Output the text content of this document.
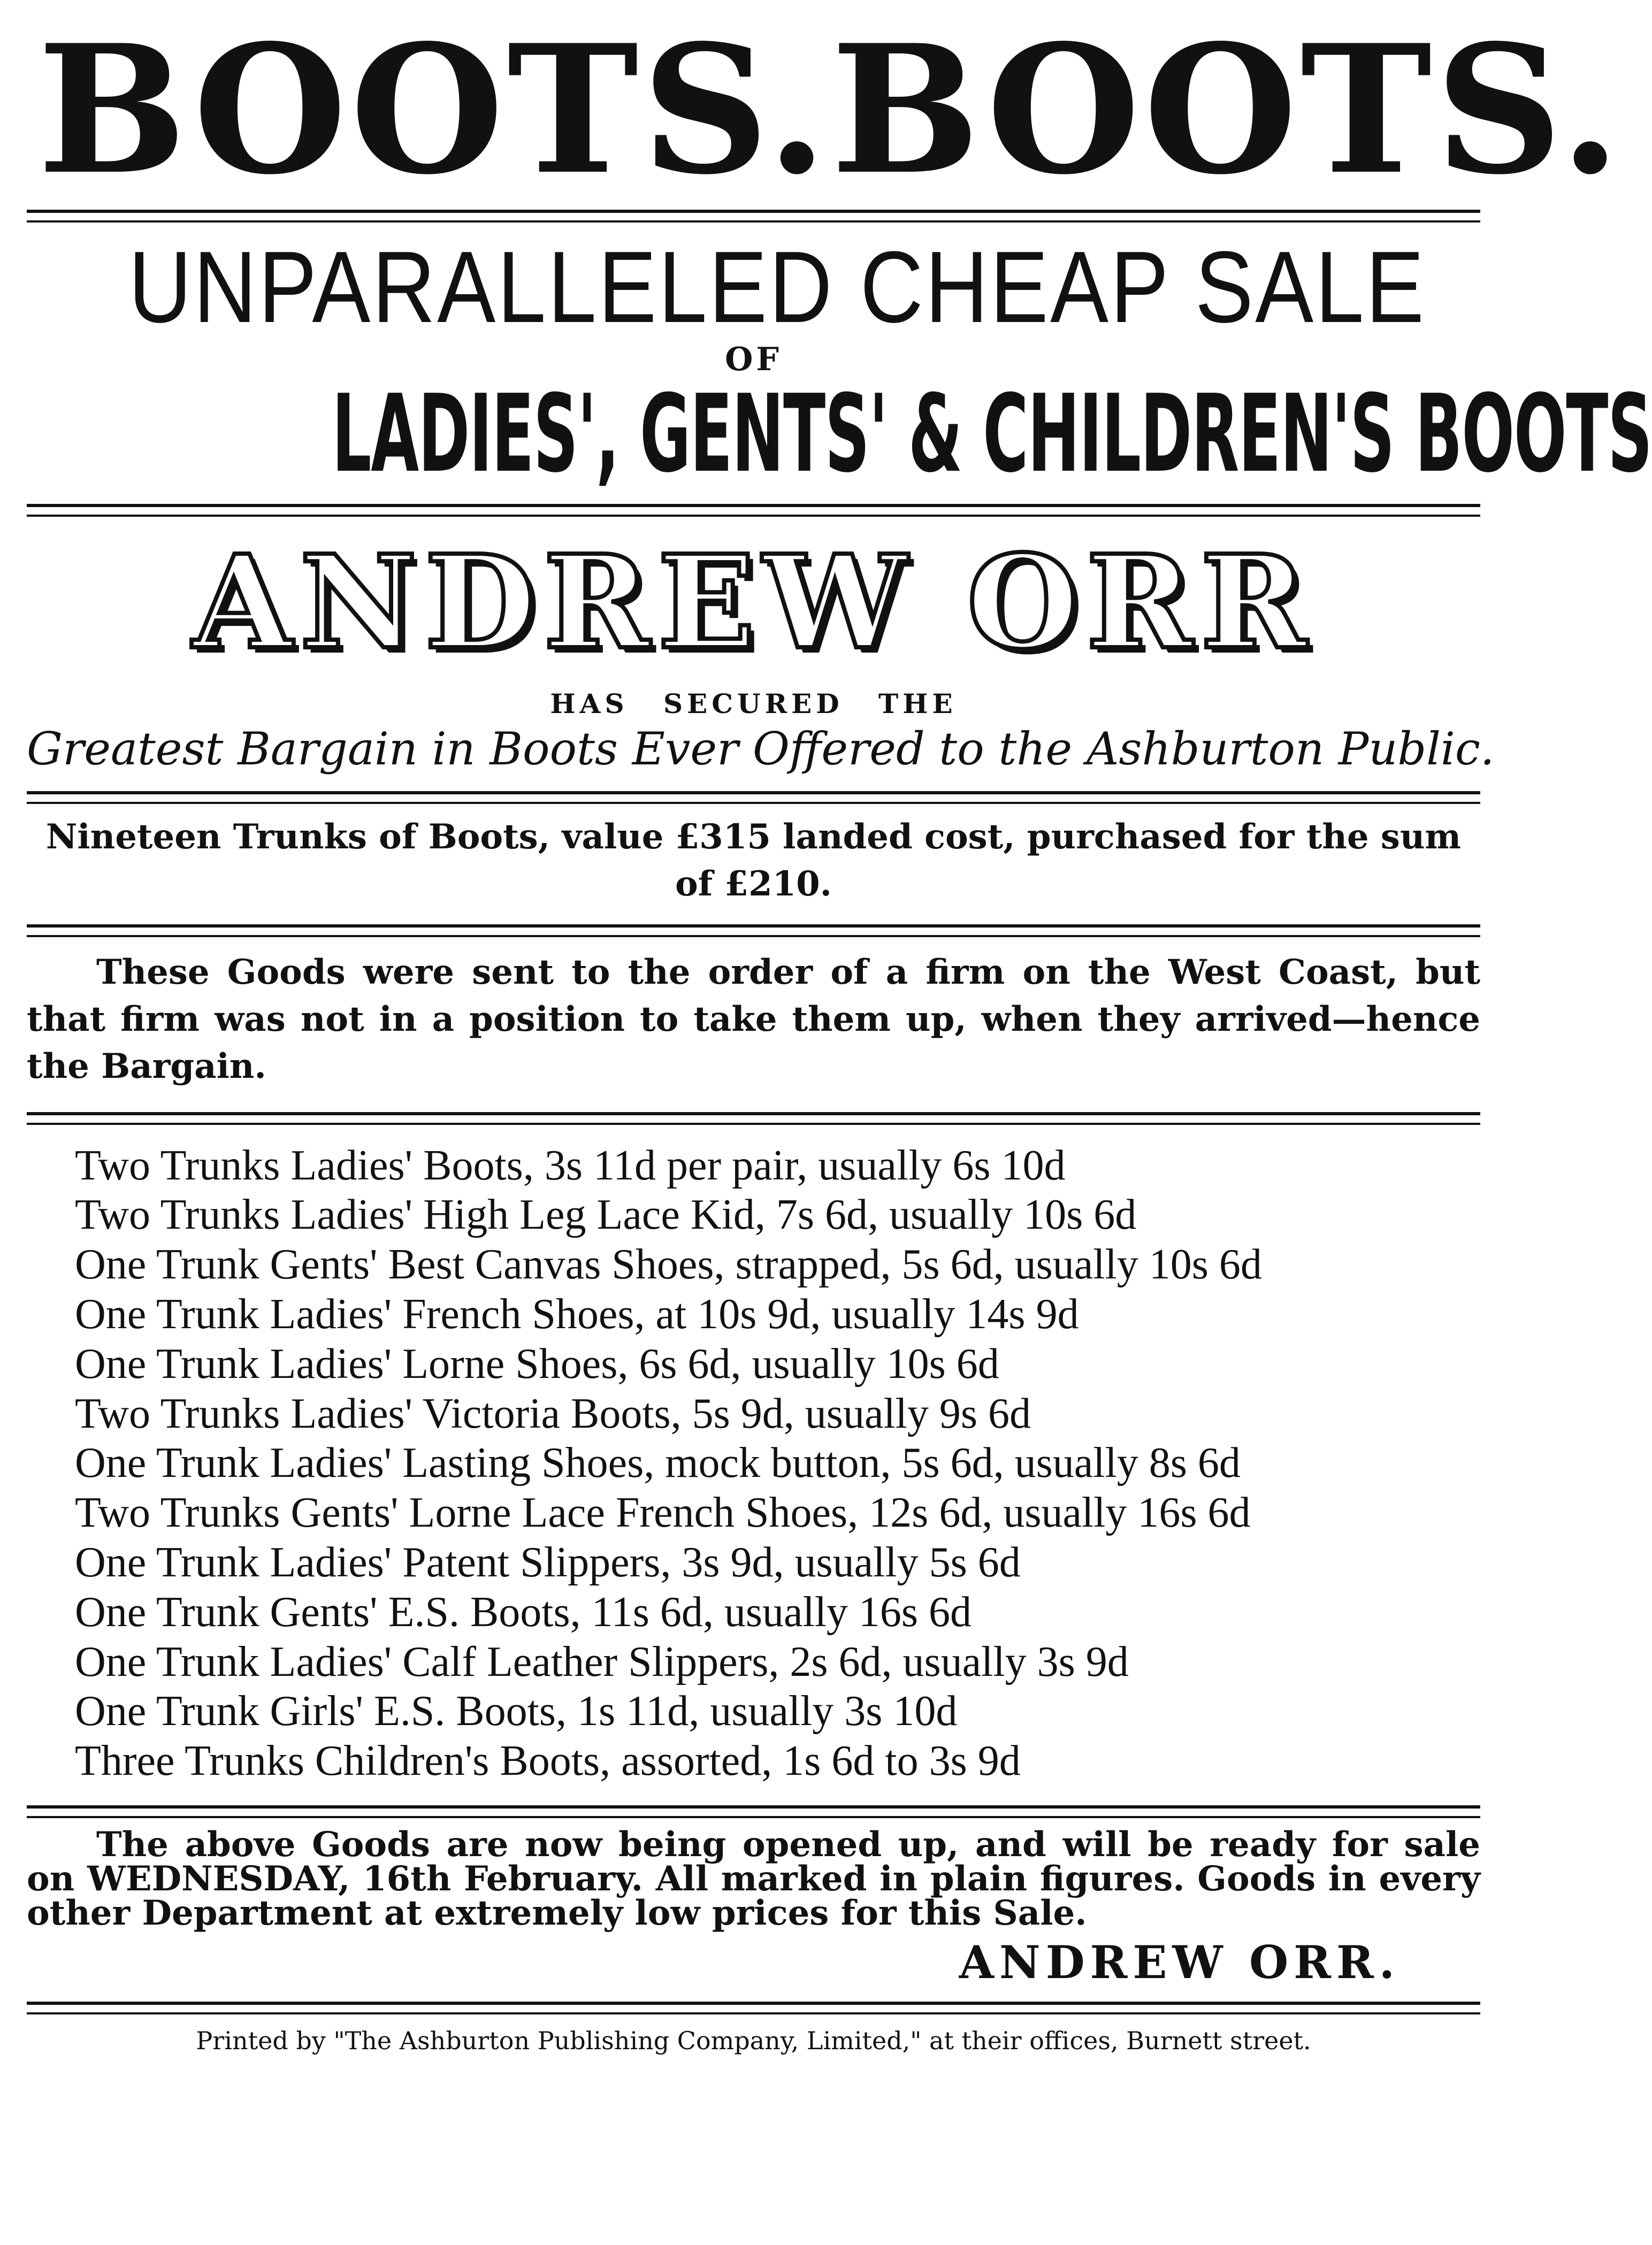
BOOTS. BOOTS.
UNPARALLELED CHEAP SALE
OF
LADIES', GENTS' & CHILDREN'S BOOTS
ANDREW ORR
HAS SECURED THE
Greatest Bargain in Boots Ever Offered to the Ashburton Public.

Nineteen Trunks of Boots, value £315 landed cost, purchased for the sum of £210.

These Goods were sent to the order of a firm on the West Coast, but that firm was not in a position to take them up, when they arrived—hence the Bargain.

Two Trunks Ladies' Boots, 3s 11d per pair, usually 6s 10d
Two Trunks Ladies' High Leg Lace Kid, 7s 6d, usually 10s 6d
One Trunk Gents' Best Canvas Shoes, strapped, 5s 6d, usually 10s 6d
One Trunk Ladies' French Shoes, at 10s 9d, usually 14s 9d
One Trunk Ladies' Lorne Shoes, 6s 6d, usually 10s 6d
Two Trunks Ladies' Victoria Boots, 5s 9d, usually 9s 6d
One Trunk Ladies' Lasting Shoes, mock button, 5s 6d, usually 8s 6d
Two Trunks Gents' Lorne Lace French Shoes, 12s 6d, usually 16s 6d
One Trunk Ladies' Patent Slippers, 3s 9d, usually 5s 6d
One Trunk Gents' E.S. Boots, 11s 6d, usually 16s 6d
One Trunk Ladies' Calf Leather Slippers, 2s 6d, usually 3s 9d
One Trunk Girls' E.S. Boots, 1s 11d, usually 3s 10d
Three Trunks Children's Boots, assorted, 1s 6d to 3s 9d

The above Goods are now being opened up, and will be ready for sale on WEDNESDAY, 16th February. All marked in plain figures. Goods in every other Department at extremely low prices for this Sale.

ANDREW ORR.
Printed by "The Ashburton Publishing Company, Limited," at their offices, Burnett street.
